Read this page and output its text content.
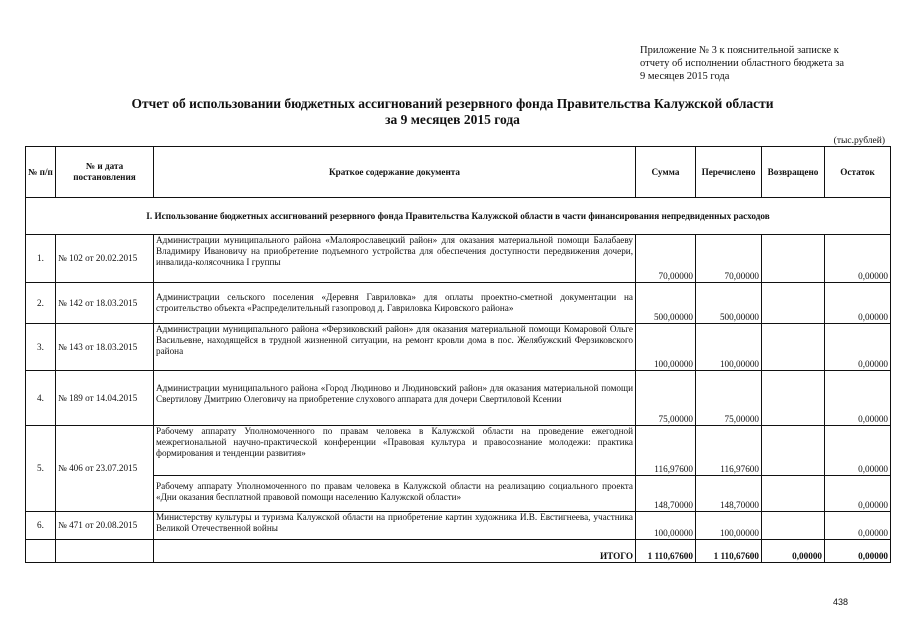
Приложение № 3 к пояснительной записке к
отчету об исполнении областного бюджета за
9 месяцев 2015 года
Отчет об использовании бюджетных ассигнований резервного фонда Правительства Калужской области
за 9 месяцев 2015 года
(тыс.рублей)
№ п/п	№ и дата постановления	Краткое содержание документа	Сумма	Перечислено	Возвращено	Остаток
I. Использование бюджетных ассигнований резервного фонда Правительства Калужской области в части финансирования непредвиденных расходов						
1.	№ 102 от 20.02.2015	Администрации муниципального района «Малоярославецкий район» для оказания материальной помощи Балабаеву Владимиру Ивановичу на приобретение подъемного устройства для обеспечения доступности передвижения дочери, инвалида-колясочника I группы	70,00000	70,00000		0,00000
2.	№ 142 от 18.03.2015	Администрации сельского поселения «Деревня Гавриловка» для оплаты проектно-сметной документации на строительство объекта «Распределительный газопровод д. Гавриловка Кировского района»	500,00000	500,00000		0,00000
3.	№ 143 от 18.03.2015	Администрации муниципального района «Ферзиковский район» для оказания материальной помощи Комаровой Ольге Васильевне, находящейся в трудной жизненной ситуации, на ремонт кровли дома в пос. Желябужский Ферзиковского района	100,00000	100,00000		0,00000
4.	№ 189 от 14.04.2015	Администрации муниципального района «Город Людиново и Людиновский район» для оказания материальной помощи Свертилову Дмитрию Олеговичу на приобретение слухового аппарата для дочери Свертиловой Ксении	75,00000	75,00000		0,00000
5.	№ 406 от 23.07.2015	Рабочему аппарату Уполномоченного по правам человека в Калужской области на проведение ежегодной межрегиональной научно-практической конференции «Правовая культура и правосознание молодежи: практика формирования и тенденции развития»	116,97600	116,97600		0,00000
		Рабочему аппарату Уполномоченного по правам человека в Калужской области на реализацию социального проекта «Дни оказания бесплатной правовой помощи населению Калужской области»	148,70000	148,70000		0,00000
6.	№ 471 от 20.08.2015	Министерству культуры и туризма Калужской области на приобретение картин художника И.В. Евстигнеева, участника Великой Отечественной войны	100,00000	100,00000		0,00000
		ИТОГО	1 110,67600	1 110,67600	0,00000	0,00000
438
